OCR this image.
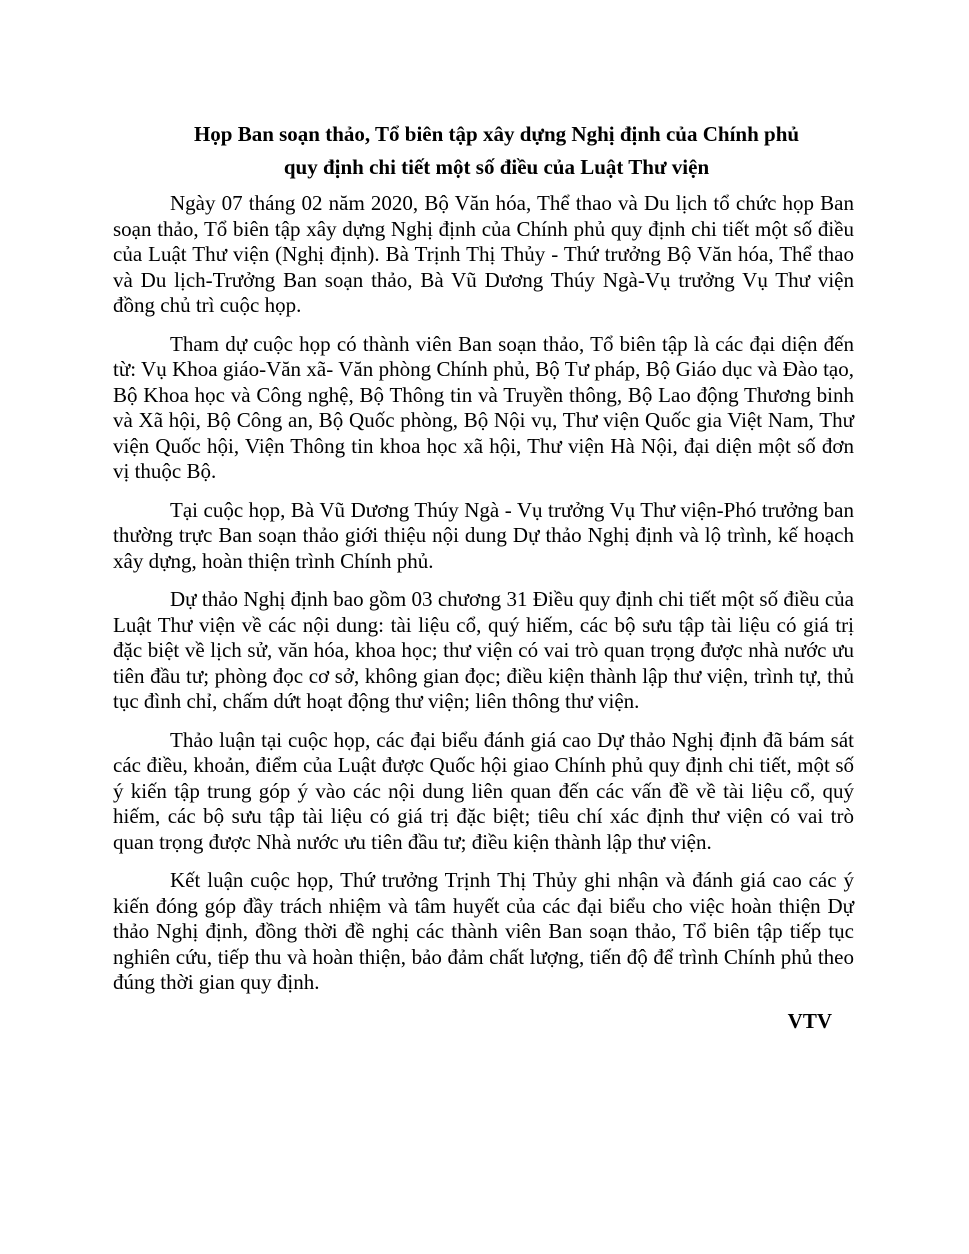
Họp Ban soạn thảo, Tổ biên tập xây dựng Nghị định của Chính phủ
quy định chi tiết một số điều của Luật Thư viện

Ngày 07 tháng 02 năm 2020, Bộ Văn hóa, Thể thao và Du lịch tổ chức họp Ban soạn thảo, Tổ biên tập xây dựng Nghị định của Chính phủ quy định chi tiết một số điều của Luật Thư viện (Nghị định). Bà Trịnh Thị Thủy - Thứ trưởng Bộ Văn hóa, Thể thao và Du lịch-Trưởng Ban soạn thảo, Bà Vũ Dương Thúy Ngà-Vụ trưởng Vụ Thư viện đồng chủ trì cuộc họp.

Tham dự cuộc họp có thành viên Ban soạn thảo, Tổ biên tập là các đại diện đến từ: Vụ Khoa giáo-Văn xã- Văn phòng Chính phủ, Bộ Tư pháp, Bộ Giáo dục và Đào tạo, Bộ Khoa học và Công nghệ, Bộ Thông tin và Truyền thông, Bộ Lao động Thương binh và Xã hội, Bộ Công an, Bộ Quốc phòng, Bộ Nội vụ, Thư viện Quốc gia Việt Nam, Thư viện Quốc hội, Viện Thông tin khoa học xã hội, Thư viện Hà Nội, đại diện một số đơn vị thuộc Bộ.

Tại cuộc họp, Bà Vũ Dương Thúy Ngà - Vụ trưởng Vụ Thư viện-Phó trưởng ban thường trực Ban soạn thảo giới thiệu nội dung Dự thảo Nghị định và lộ trình, kế hoạch xây dựng, hoàn thiện trình Chính phủ.

Dự thảo Nghị định bao gồm 03 chương 31 Điều quy định chi tiết một số điều của Luật Thư viện về các nội dung: tài liệu cổ, quý hiếm, các bộ sưu tập tài liệu có giá trị đặc biệt về lịch sử, văn hóa, khoa học; thư viện có vai trò quan trọng được nhà nước ưu tiên đầu tư; phòng đọc cơ sở, không gian đọc; điều kiện thành lập thư viện, trình tự, thủ tục đình chỉ, chấm dứt hoạt động thư viện; liên thông thư viện.

Thảo luận tại cuộc họp, các đại biểu đánh giá cao Dự thảo Nghị định đã bám sát các điều, khoản, điểm của Luật được Quốc hội giao Chính phủ quy định chi tiết, một số ý kiến tập trung góp ý vào các nội dung liên quan đến các vấn đề về tài liệu cổ, quý hiếm, các bộ sưu tập tài liệu có giá trị đặc biệt; tiêu chí xác định thư viện có vai trò quan trọng được Nhà nước ưu tiên đầu tư; điều kiện thành lập thư viện.

Kết luận cuộc họp, Thứ trưởng Trịnh Thị Thủy ghi nhận và đánh giá cao các ý kiến đóng góp đầy trách nhiệm và tâm huyết của các đại biểu cho việc hoàn thiện Dự thảo Nghị định, đồng thời đề nghị các thành viên Ban soạn thảo, Tổ biên tập tiếp tục nghiên cứu, tiếp thu và hoàn thiện, bảo đảm chất lượng, tiến độ để trình Chính phủ theo đúng thời gian quy định.

VTV
